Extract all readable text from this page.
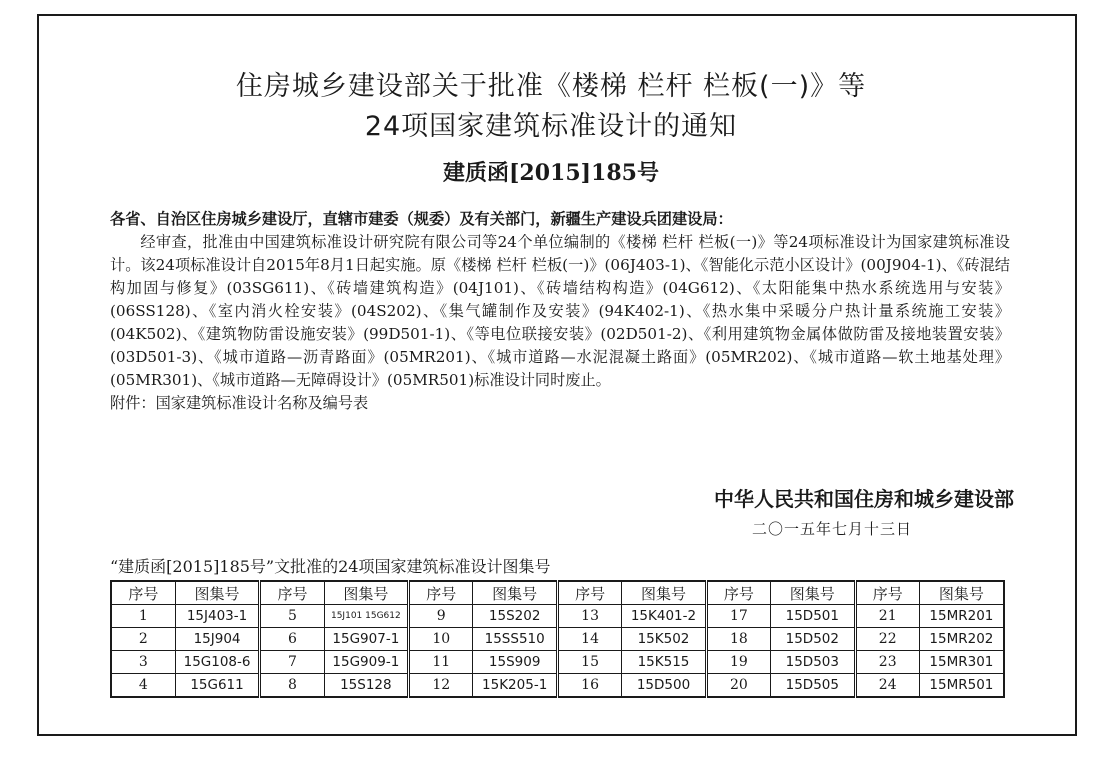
住房城乡建设部关于批准《楼梯 栏杆 栏板(一)》等
24项国家建筑标准设计的通知
建质函[2015]185号

各省、自治区住房城乡建设厅，直辖市建委（规委）及有关部门，新疆生产建设兵团建设局：

经审查，批准由中国建筑标准设计研究院有限公司等24个单位编制的《楼梯 栏杆 栏板(一)》等24项标准设计为国家建筑标准设计。该24项标准设计自2015年8月1日起实施。原《楼梯 栏杆 栏板(一)》(06J403-1)、《智能化示范小区设计》(00J904-1)、《砖混结构加固与修复》(03SG611)、《砖墙建筑构造》(04J101)、《砖墙结构构造》(04G612)、《太阳能集中热水系统选用与安装》(06SS128)、《室内消火栓安装》(04S202)、《集气罐制作及安装》(94K402-1)、《热水集中采暖分户热计量系统施工安装》(04K502)、《建筑物防雷设施安装》(99D501-1)、《等电位联接安装》(02D501-2)、《利用建筑物金属体做防雷及接地装置安装》(03D501-3)、《城市道路—沥青路面》(05MR201)、《城市道路—水泥混凝土路面》(05MR202)、《城市道路—软土地基处理》(05MR301)、《城市道路—无障碍设计》(05MR501)标准设计同时废止。

附件：国家建筑标准设计名称及编号表

中华人民共和国住房和城乡建设部
二〇一五年七月十三日
“建质函[2015]185号”文批准的24项国家建筑标准设计图集号
序号	图集号	序号	图集号	序号	图集号	序号	图集号	序号	图集号	序号	图集号
1	15J403-1	5	15J101 15G612	9	15S202	13	15K401-2	17	15D501	21	15MR201
2	15J904	6	15G907-1	10	15SS510	14	15K502	18	15D502	22	15MR202
3	15G108-6	7	15G909-1	11	15S909	15	15K515	19	15D503	23	15MR301
4	15G611	8	15S128	12	15K205-1	16	15D500	20	15D505	24	15MR501
